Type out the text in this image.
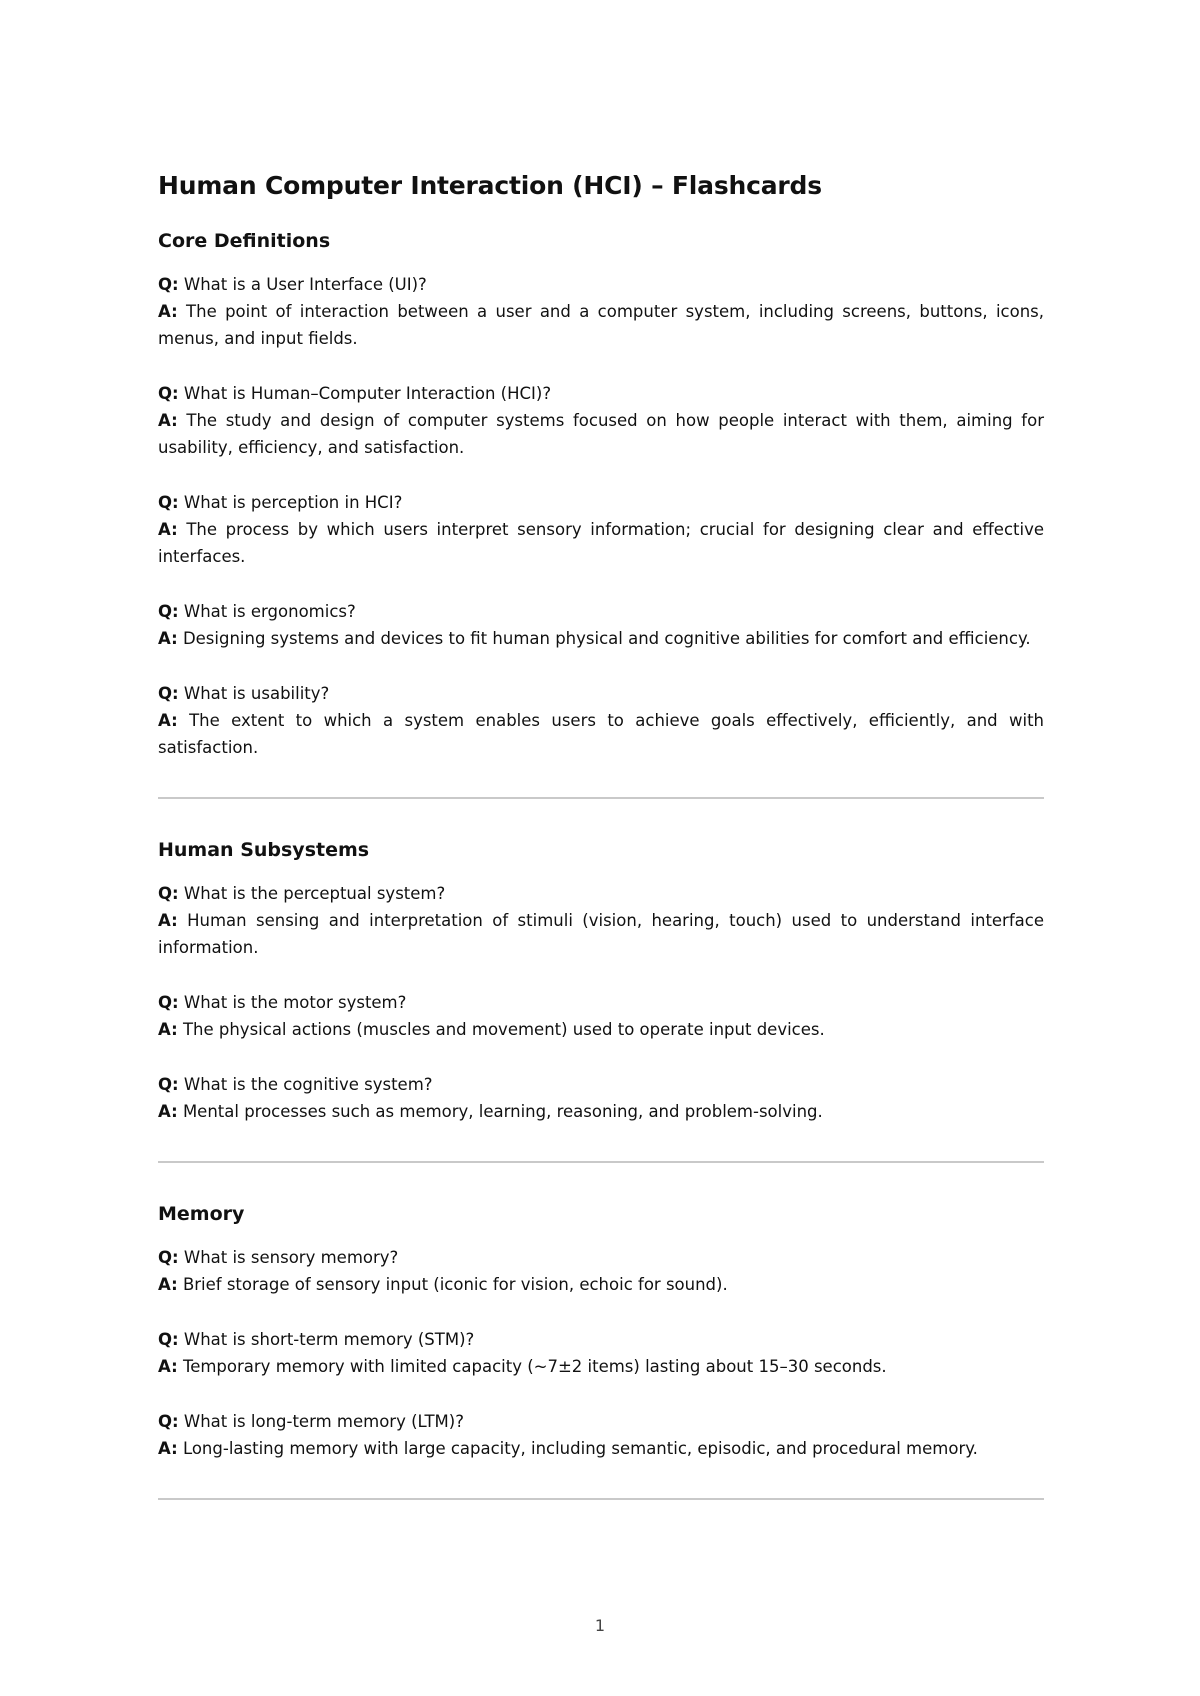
Human Computer Interaction (HCI) – Flashcards
Core Definitions
Q: What is a User Interface (UI)?
A: The point of interaction between a user and a computer system, including screens, buttons, icons, menus, and input fields.
Q: What is Human–Computer Interaction (HCI)?
A: The study and design of computer systems focused on how people interact with them, aiming for usability, efficiency, and satisfaction.
Q: What is perception in HCI?
A: The process by which users interpret sensory information; crucial for designing clear and effective interfaces.
Q: What is ergonomics?
A: Designing systems and devices to fit human physical and cognitive abilities for comfort and efficiency.
Q: What is usability?
A: The extent to which a system enables users to achieve goals effectively, efficiently, and with satisfaction.
Human Subsystems
Q: What is the perceptual system?
A: Human sensing and interpretation of stimuli (vision, hearing, touch) used to understand interface information.
Q: What is the motor system?
A: The physical actions (muscles and movement) used to operate input devices.
Q: What is the cognitive system?
A: Mental processes such as memory, learning, reasoning, and problem-solving.
Memory
Q: What is sensory memory?
A: Brief storage of sensory input (iconic for vision, echoic for sound).
Q: What is short-term memory (STM)?
A: Temporary memory with limited capacity (~7±2 items) lasting about 15–30 seconds.
Q: What is long-term memory (LTM)?
A: Long-lasting memory with large capacity, including semantic, episodic, and procedural memory.
1
